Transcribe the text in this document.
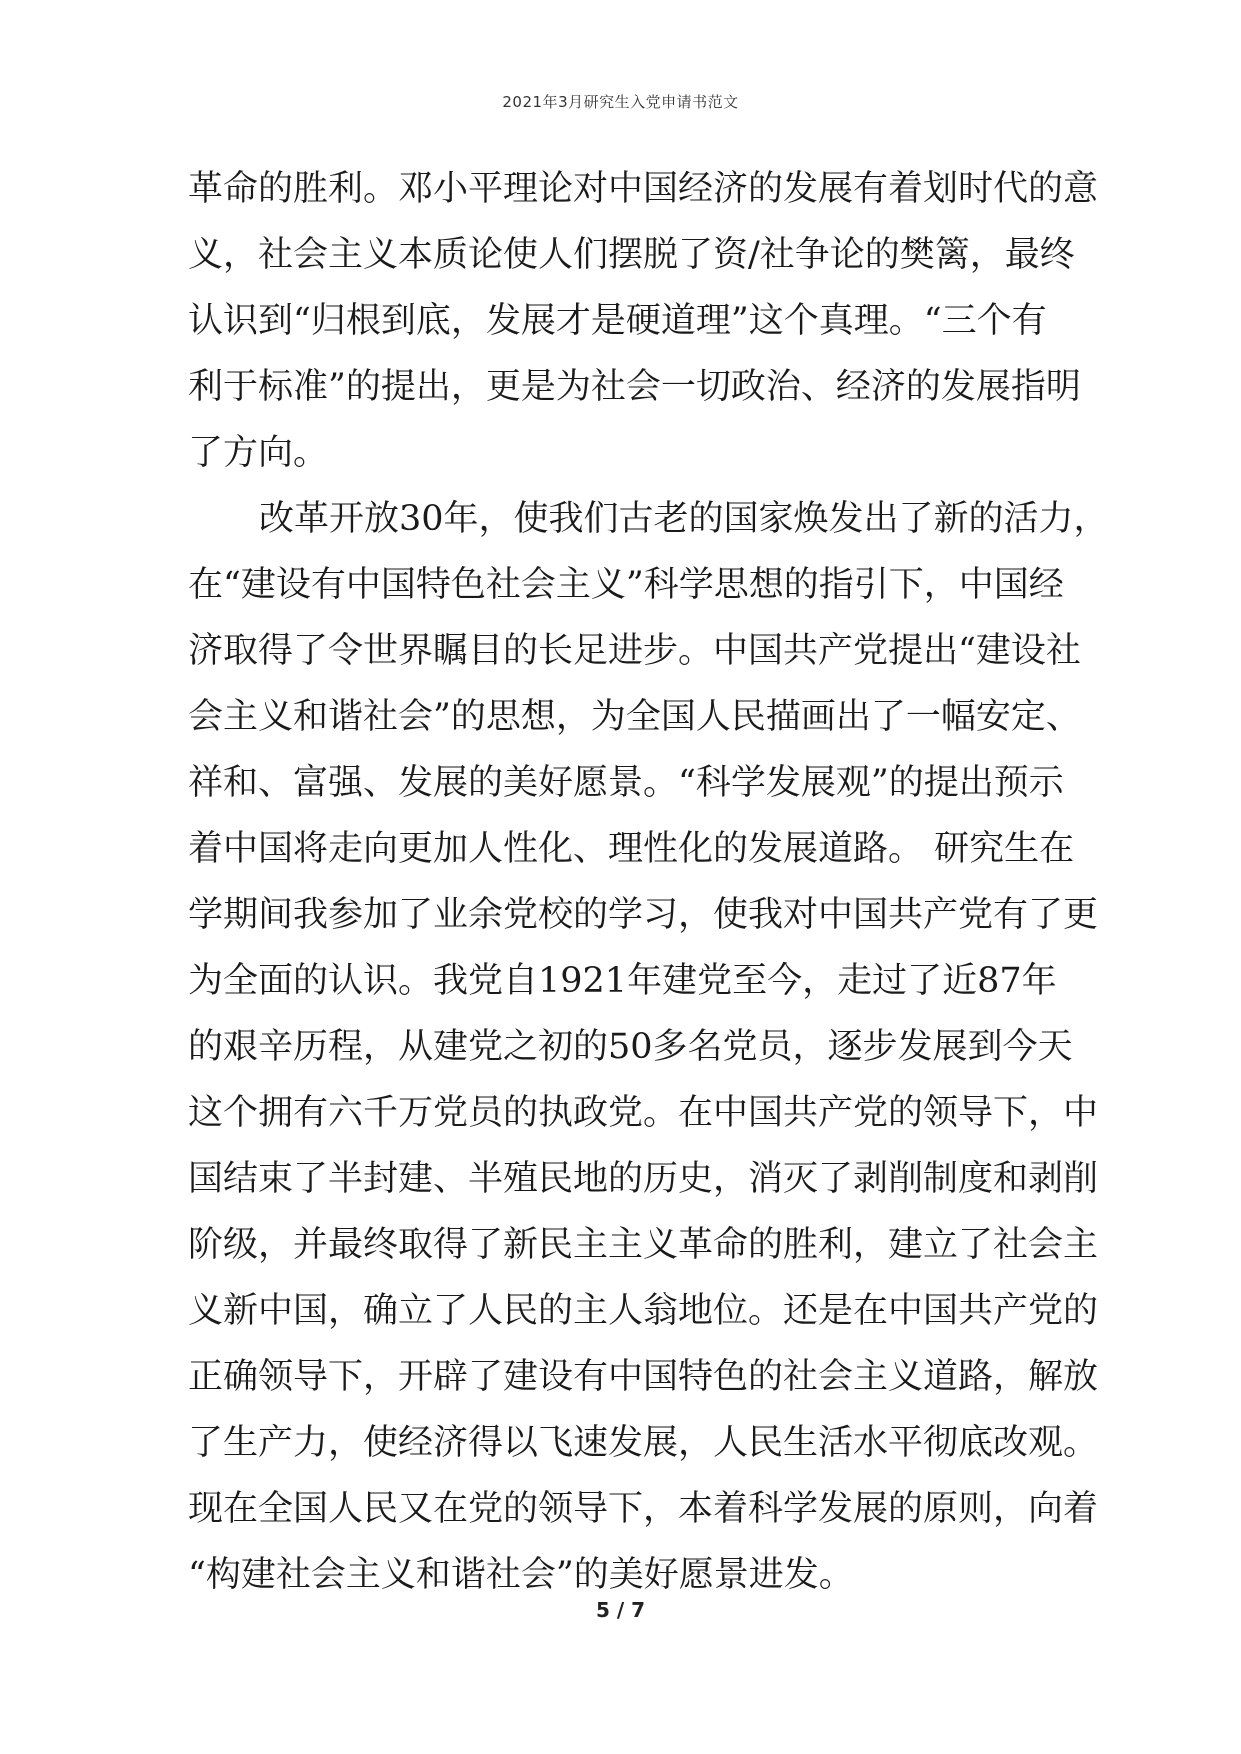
2021年3月研究生入党申请书范文
革命的胜利。邓小平理论对中国经济的发展有着划时代的意
义，社会主义本质论使人们摆脱了资/社争论的樊篱，最终
认识到“归根到底，发展才是硬道理”这个真理。“三个有
利于标准”的提出，更是为社会一切政治、经济的发展指明
了方向。
改革开放30年，使我们古老的国家焕发出了新的活力，
在“建设有中国特色社会主义”科学思想的指引下，中国经
济取得了令世界瞩目的长足进步。中国共产党提出“建设社
会主义和谐社会”的思想，为全国人民描画出了一幅安定、
祥和、富强、发展的美好愿景。“科学发展观”的提出预示
着中国将走向更加人性化、理性化的发展道路。 研究生在
学期间我参加了业余党校的学习，使我对中国共产党有了更
为全面的认识。我党自1921年建党至今，走过了近87年
的艰辛历程，从建党之初的50多名党员，逐步发展到今天
这个拥有六千万党员的执政党。在中国共产党的领导下，中
国结束了半封建、半殖民地的历史，消灭了剥削制度和剥削
阶级，并最终取得了新民主主义革命的胜利，建立了社会主
义新中国，确立了人民的主人翁地位。还是在中国共产党的
正确领导下，开辟了建设有中国特色的社会主义道路，解放
了生产力，使经济得以飞速发展，人民生活水平彻底改观。
现在全国人民又在党的领导下，本着科学发展的原则，向着
“构建社会主义和谐社会”的美好愿景进发。
5 / 7
